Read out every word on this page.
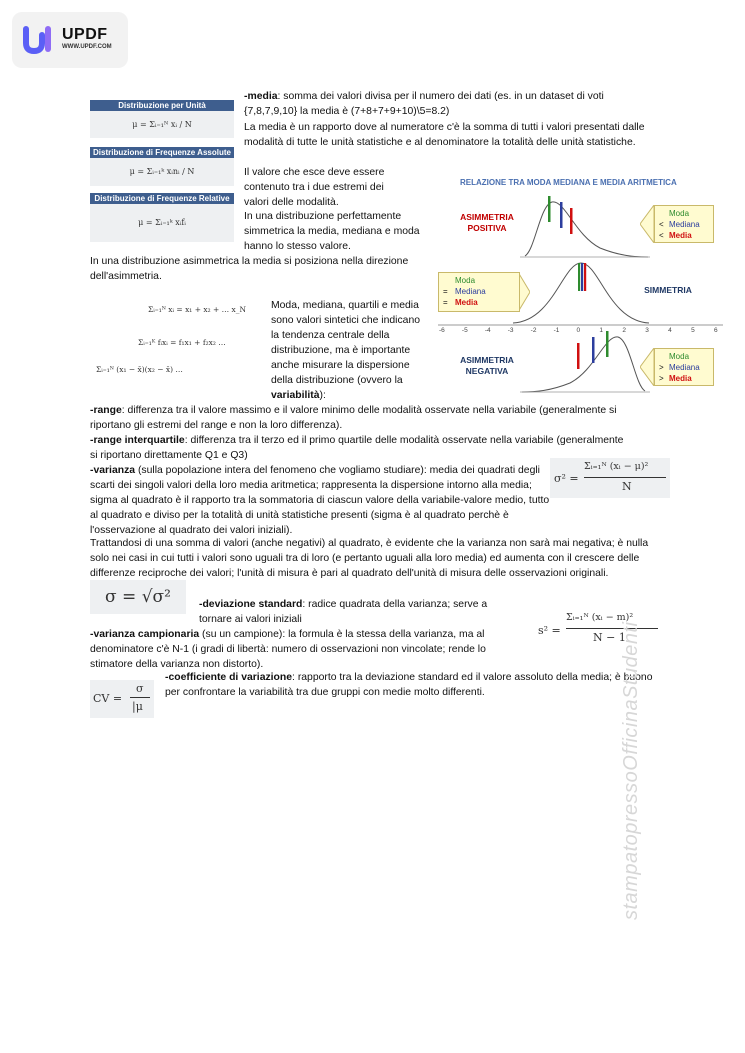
UPDF
WWW.UPDF.COM
Distribuzione per Unità
μ = Σᵢ₌₁ᴺ xᵢ / N
Distribuzione di Frequenze Assolute
μ = Σᵢ₌₁ᵏ xᵢnᵢ / N
Distribuzione di Frequenze Relative
μ = Σᵢ₌₁ᵏ xᵢfᵢ
-media: somma dei valori divisa per il numero dei dati (es. in un dataset di voti {7,8,7,9,10} la media è (7+8+7+9+10)\5=8.2)
La media è un rapporto dove al numeratore c'è la somma di tutti i valori presentati dalle modalità di tutte le unità statistiche e al denominatore la totalità delle unità statistiche.
Il valore che esce deve essere contenuto tra i due estremi dei valori delle modalità.
In una distribuzione perfettamente simmetrica la media, mediana e moda hanno lo stesso valore.
In una distribuzione asimmetrica la media si posiziona nella direzione dell'asimmetria.
RELAZIONE TRA MODA MEDIANA E MEDIA ARITMETICA
ASIMMETRIA POSITIVA
Moda
< Mediana
< Media
Moda
= Mediana
= Media
SIMMETRIA
-6	-5	-4	-3	-2	-1	0	1	2	3	4	5	6
ASIMMETRIA NEGATIVA
Moda
> Mediana
> Media
Σᵢ₌₁ᴺ xᵢ = x₁ + x₂ + … x_N
Σᵢ₌₁ᴷ fᵢxᵢ = f₁x₁ + f₂x₂ …
Σᵢ₌₁ᴺ (x₁ − x̄)(x₂ − x̄) …
Moda, mediana, quartili e media sono valori sintetici che indicano la tendenza centrale della distribuzione, ma è importante anche misurare la dispersione della distribuzione (ovvero la variabilità):
-range: differenza tra il valore massimo e il valore minimo delle modalità osservate nella variabile (generalmente si riportano gli estremi del range e non la loro differenza).
-range interquartile: differenza tra il terzo ed il primo quartile delle modalità osservate nella variabile (generalmente si riportano direttamente Q1 e Q3)
-varianza (sulla popolazione intera del fenomeno che vogliamo studiare): media dei quadrati degli scarti dei singoli valori della loro media aritmetica; rappresenta la dispersione intorno alla media; sigma al quadrato è il rapporto tra la sommatoria di ciascun valore della variabile-valore medio, tutto al quadrato e diviso per la totalità di unità statistiche presenti (sigma è al quadrato perchè è l'osservazione al quadrato dei valori iniziali).
σ² =
Σᵢ₌₁ᴺ (xᵢ − μ)²
N
Trattandosi di una somma di valori (anche negativi) al quadrato, è evidente che la varianza non sarà mai negativa; è nulla solo nei casi in cui tutti i valori sono uguali tra di loro (e pertanto uguali alla loro media) ed aumenta con il crescere delle differenze reciproche dei valori; l'unità di misura è pari al quadrato dell'unità di misura delle osservazioni originali.
σ = √σ²	-deviazione standard: radice quadrata della varianza; serve a tornare ai valori iniziali
-varianza campionaria (su un campione): la formula è la stessa della varianza, ma al denominatore c'è N-1 (i gradi di libertà: numero di osservazioni non vincolate; rende lo stimatore della varianza non distorto).
s² =
Σᵢ₌₁ᴺ (xᵢ − m)²
N − 1
CV =
σ
|μ
-coefficiente di variazione: rapporto tra la deviazione standard ed il valore assoluto della media; è buono per confrontare la variabilità tra due gruppi con medie molto differenti.	stampatopressoOfficinaStudenti
